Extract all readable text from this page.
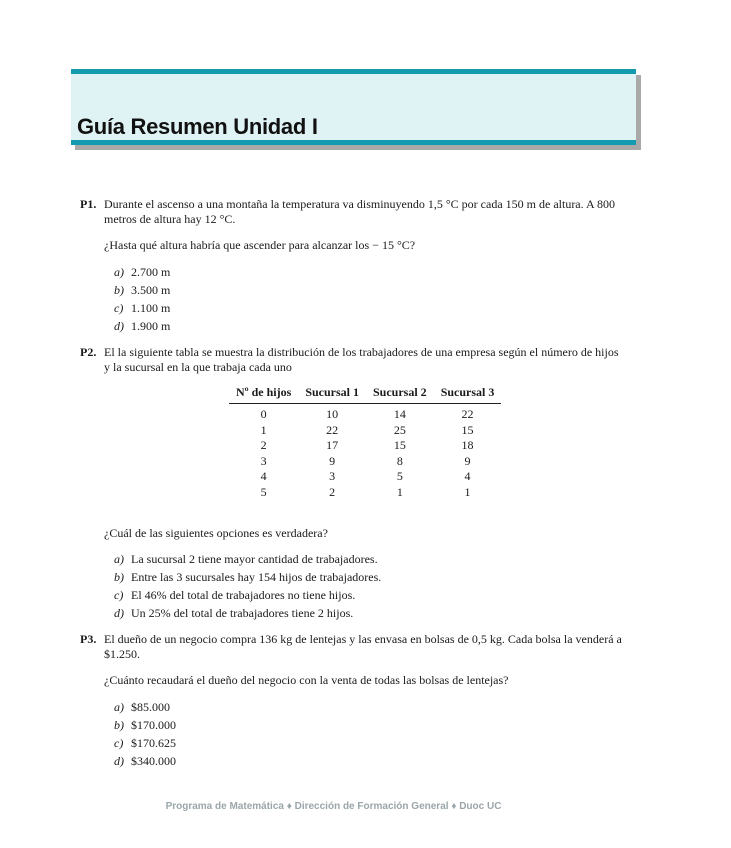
Guía Resumen Unidad I
P1. Durante el ascenso a una montaña la temperatura va disminuyendo 1,5 °C por cada 150 m de altura. A 800

metros de altura hay 12 °C.

¿Hasta qué altura habría que ascender para alcanzar los − 15 °C?

a) 2.700 m
b) 3.500 m
c) 1.100 m
d) 1.900 m
P2. El la siguiente tabla se muestra la distribución de los trabajadores de una empresa según el número de hijos

y la sucursal en la que trabaja cada uno

Nº de hijos	Sucursal 1	Sucursal 2	Sucursal 3
0	10	14	22
1	22	25	15
2	17	15	18
3	9	8	9
4	3	5	4
5	2	1	1

¿Cuál de las siguientes opciones es verdadera?

a) La sucursal 2 tiene mayor cantidad de trabajadores.
b) Entre las 3 sucursales hay 154 hijos de trabajadores.
c) El 46% del total de trabajadores no tiene hijos.
d) Un 25% del total de trabajadores tiene 2 hijos.
P3. El dueño de un negocio compra 136 kg de lentejas y las envasa en bolsas de 0,5 kg. Cada bolsa la venderá a

$1.250.

¿Cuánto recaudará el dueño del negocio con la venta de todas las bolsas de lentejas?

a) $85.000
b) $170.000
c) $170.625
d) $340.000
Programa de Matemática ♦ Dirección de Formación General ♦ Duoc UC
